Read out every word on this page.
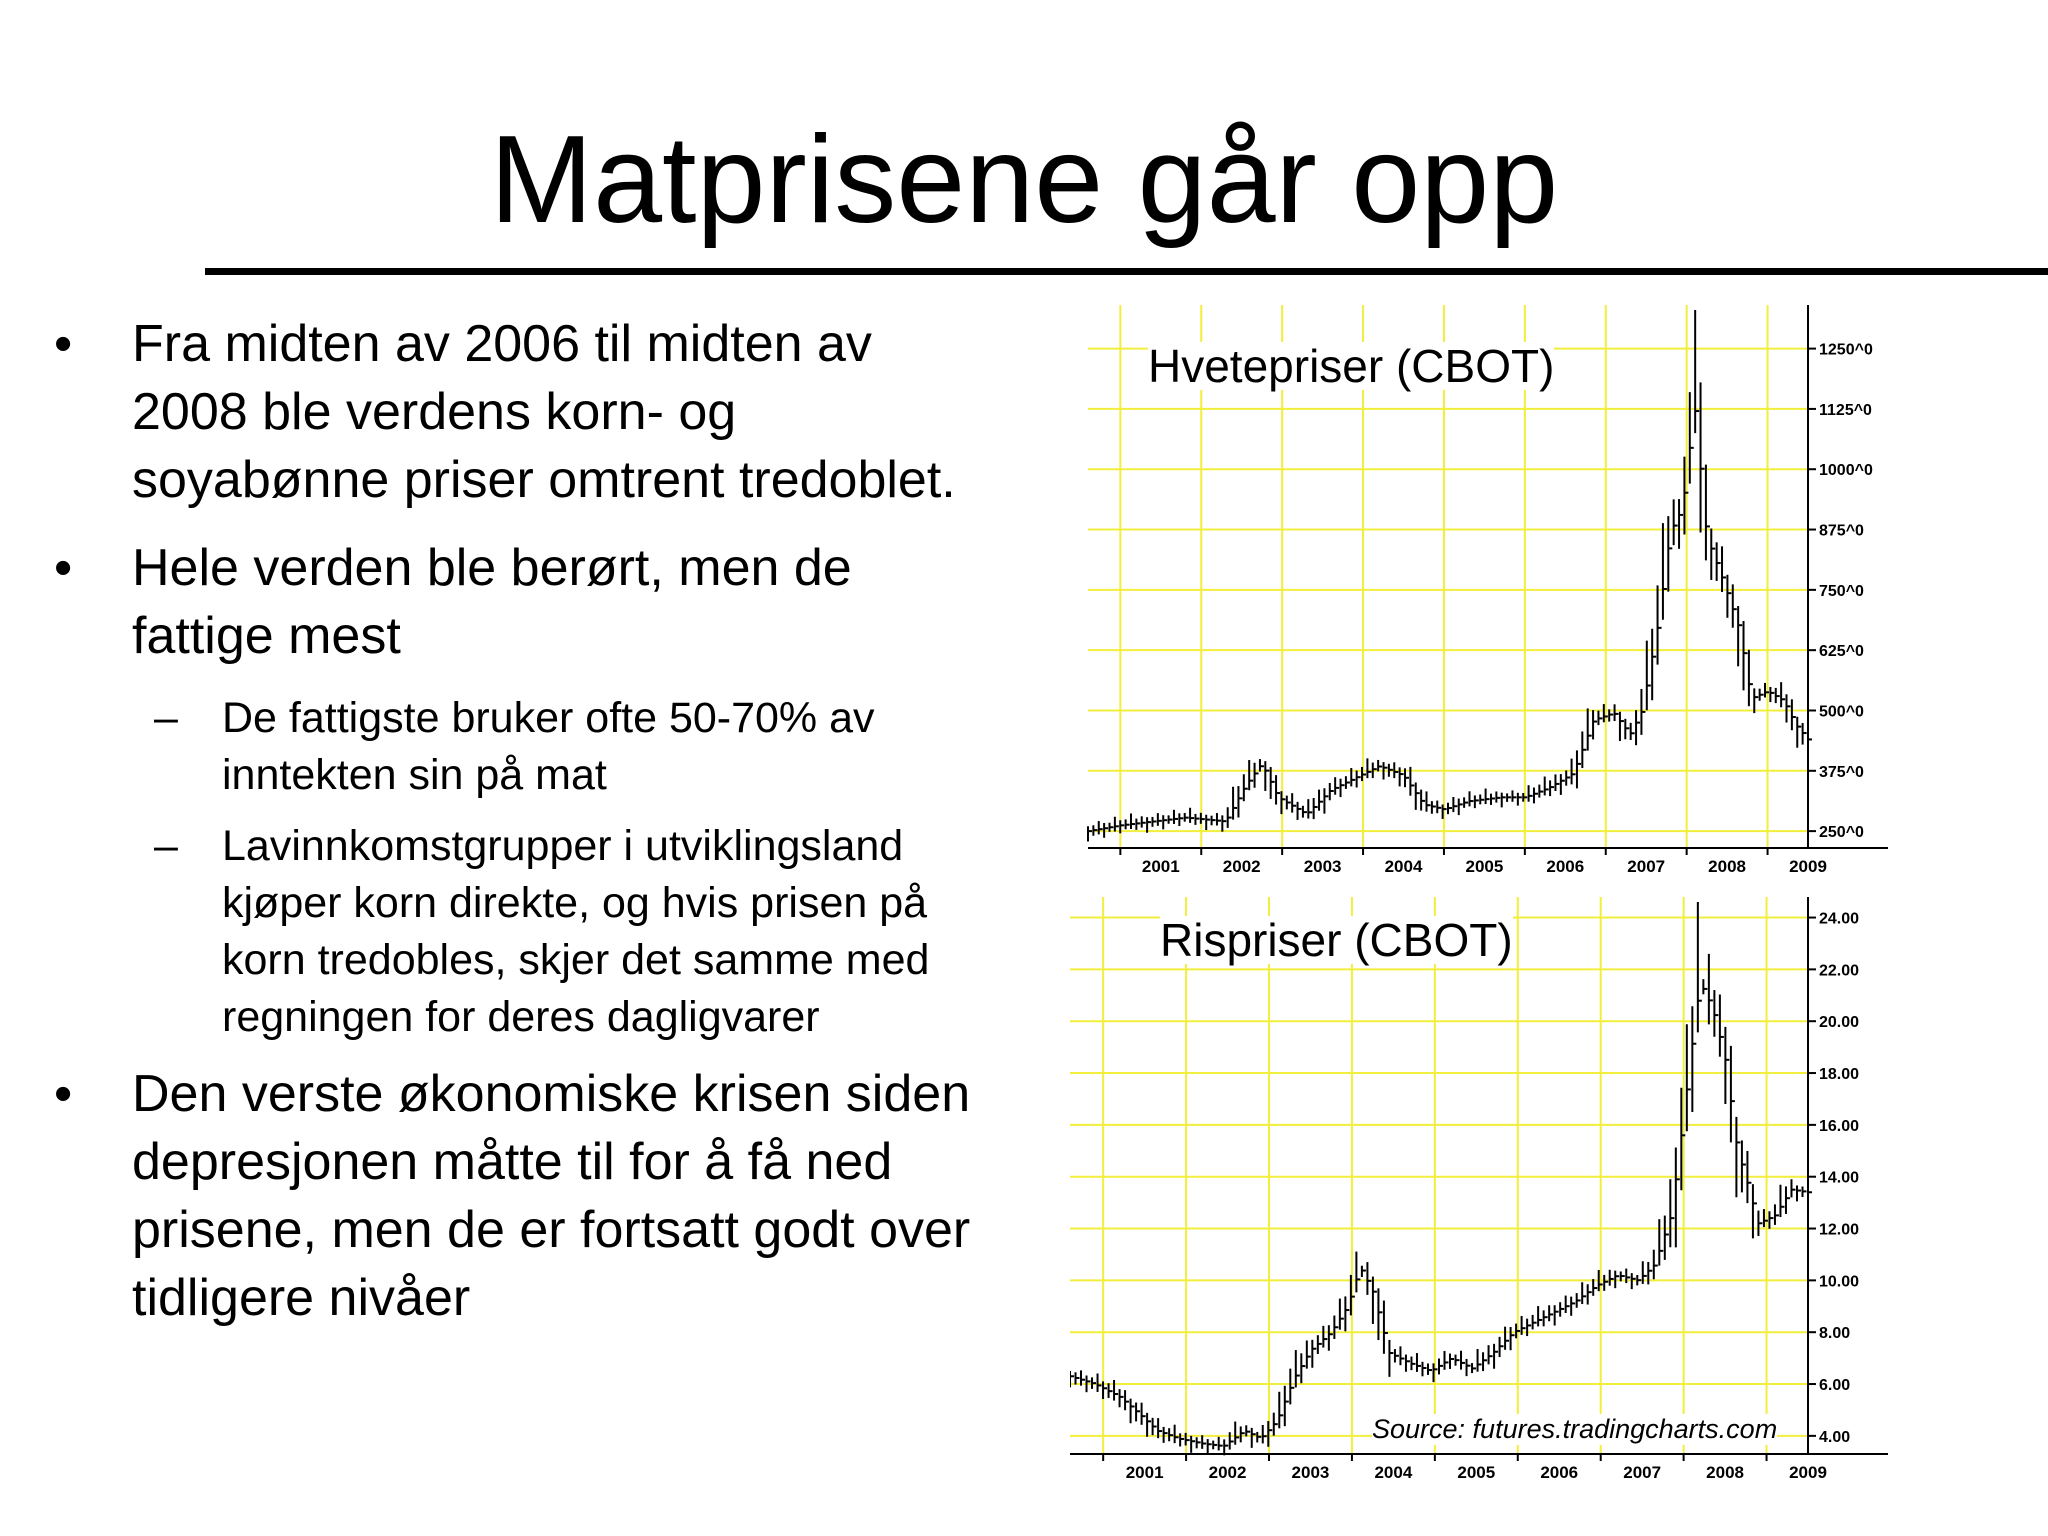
Matprisene går opp
• Fra midten av 2006 til midten av 2008 ble verdens korn- og soyabønne priser omtrent tredoblet.
• Hele verden ble berørt, men de fattige mest
– De fattigste bruker ofte 50-70% av inntekten sin på mat
– Lavinnkomstgrupper i utviklingsland kjøper korn direkte, og hvis prisen på korn tredobles, skjer det samme med regningen for deres dagligvarer
• Den verste økonomiske krisen siden depresjonen måtte til for å få ned prisene, men de er fortsatt godt over tidligere nivåer
250^0
375^0
500^0
625^0
750^0
875^0
1000^0
1125^0
1250^0
2001	2002	2003	2004	2005	2006	2007	2008	2009
Hvetepriser (CBOT)
4.00
6.00
8.00
10.00
12.00
14.00
16.00
18.00
20.00
22.00
24.00
2001	2002	2003	2004	2005	2006	2007	2008	2009
Rispriser (CBOT)
Source: futures.tradingcharts.com
